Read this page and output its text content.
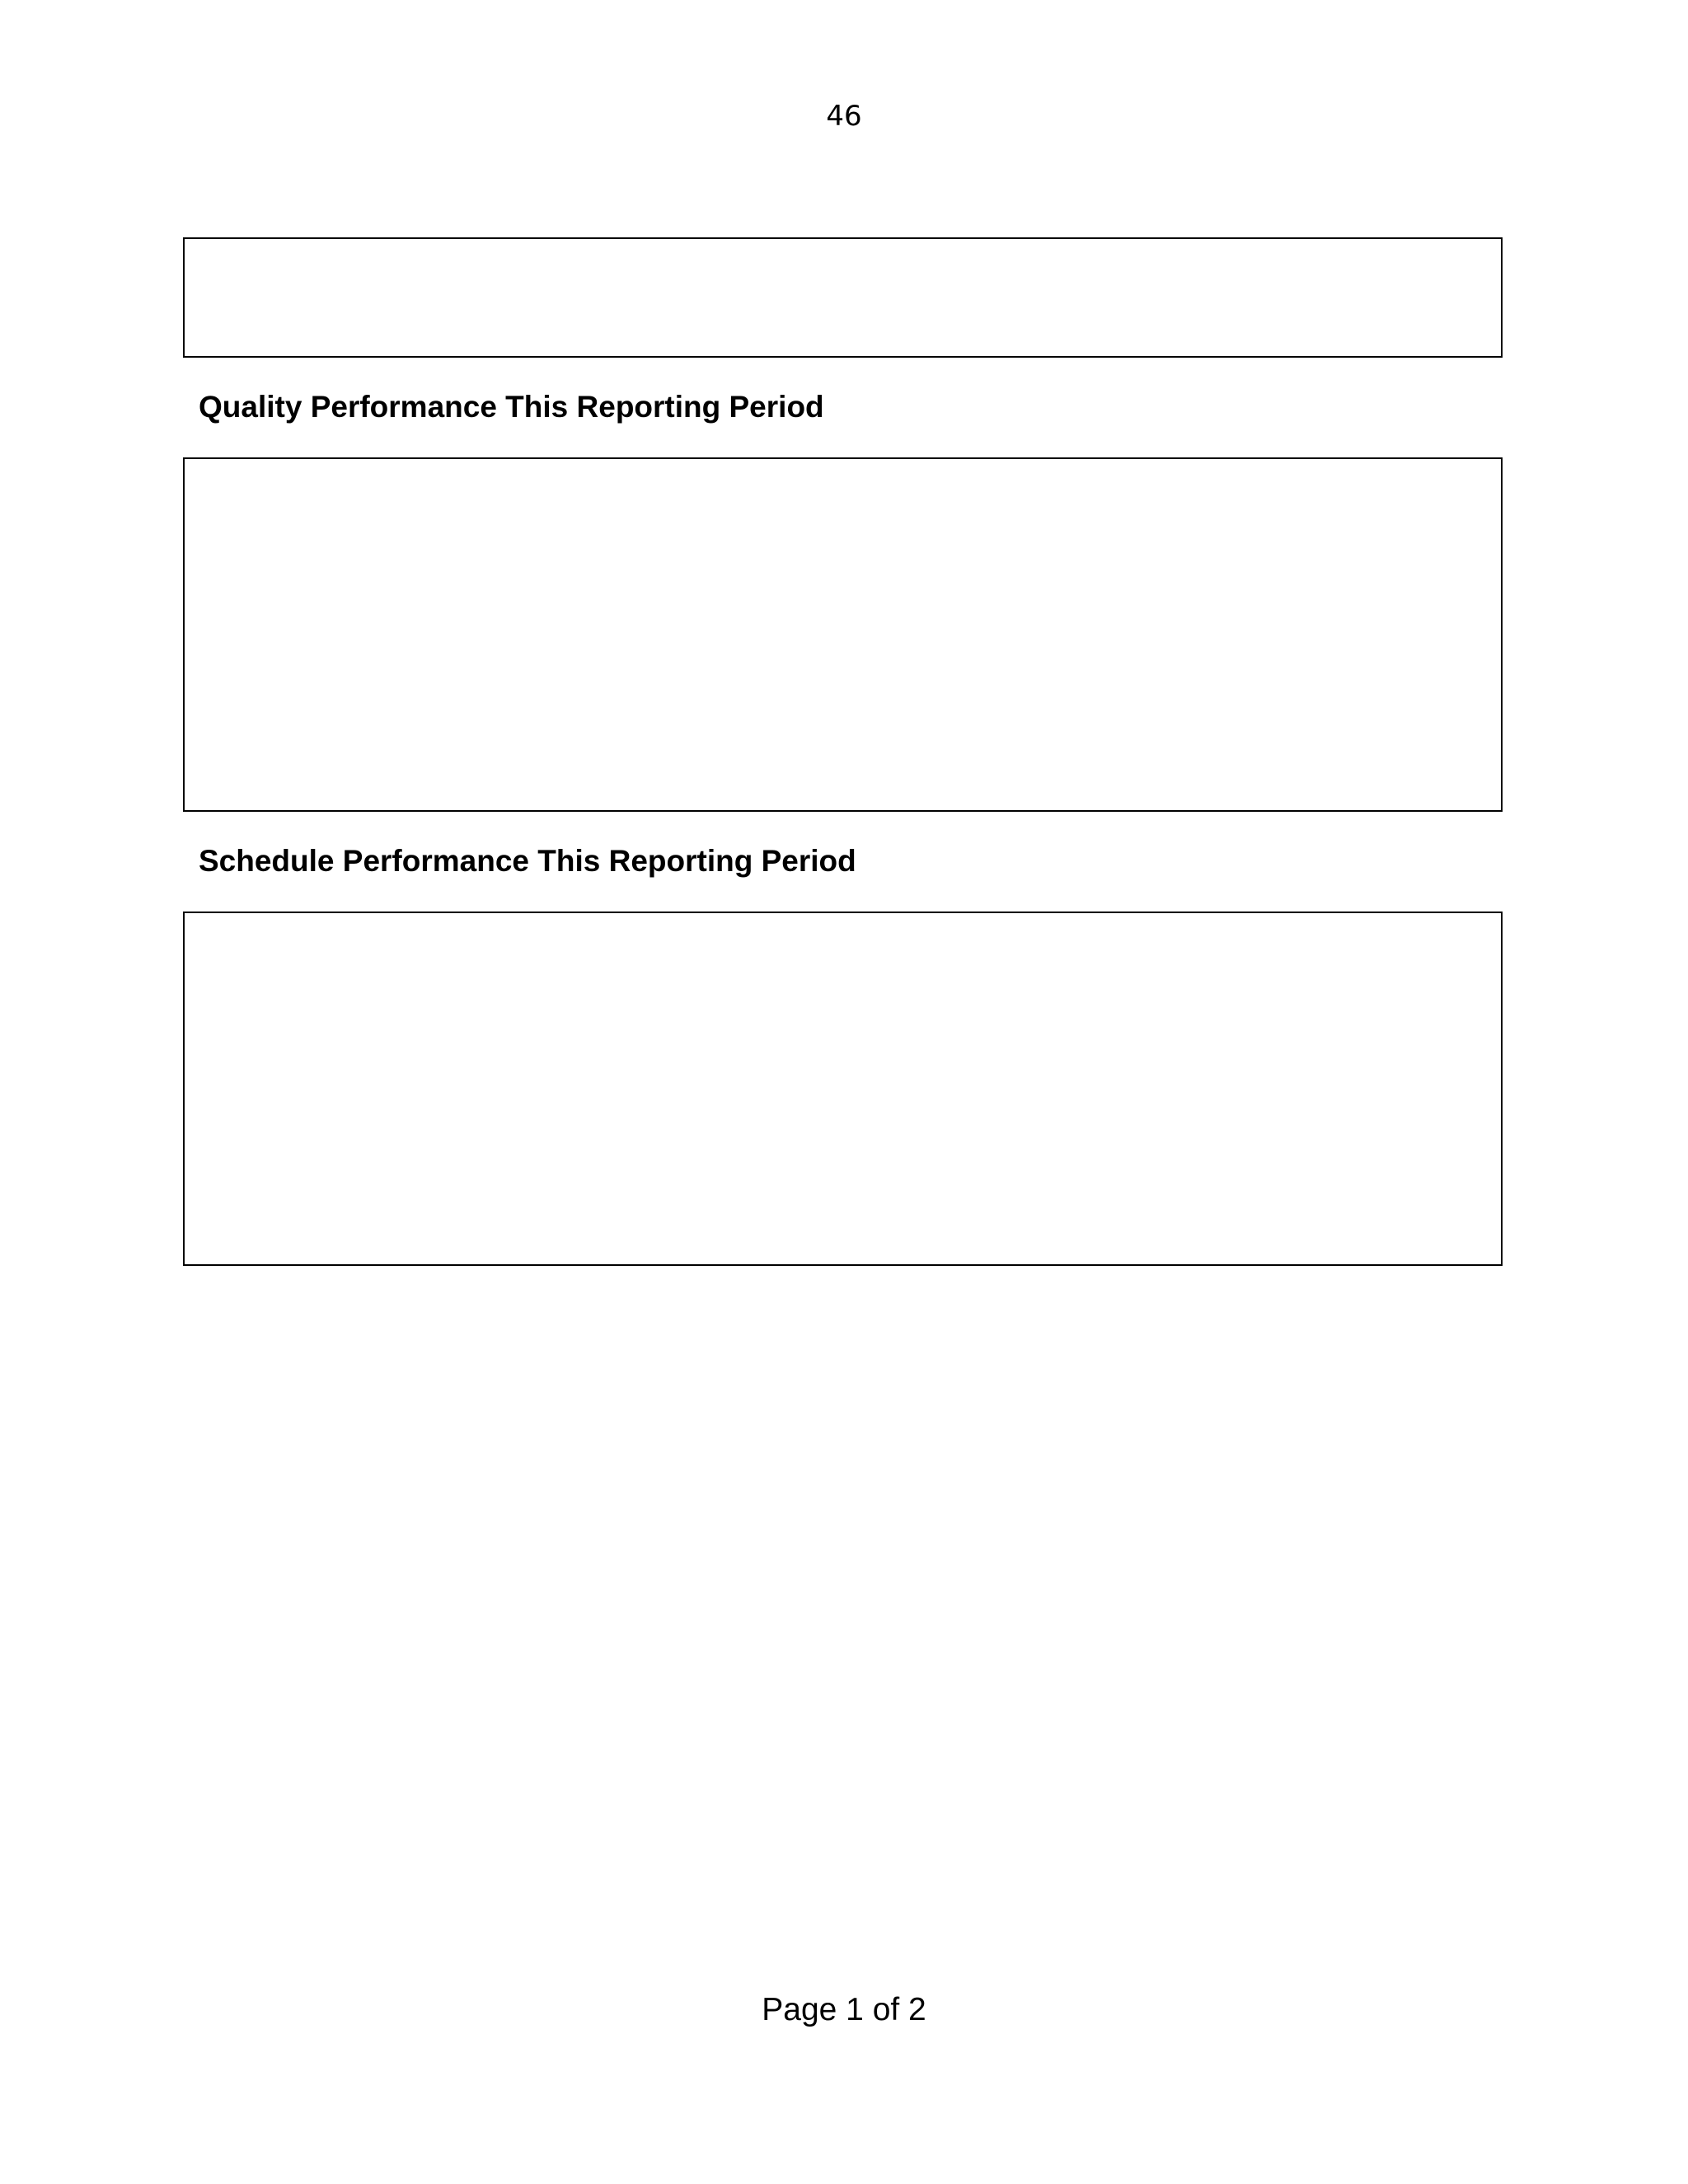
46
Quality Performance This Reporting Period
Schedule Performance This Reporting Period
Page 1 of 2
